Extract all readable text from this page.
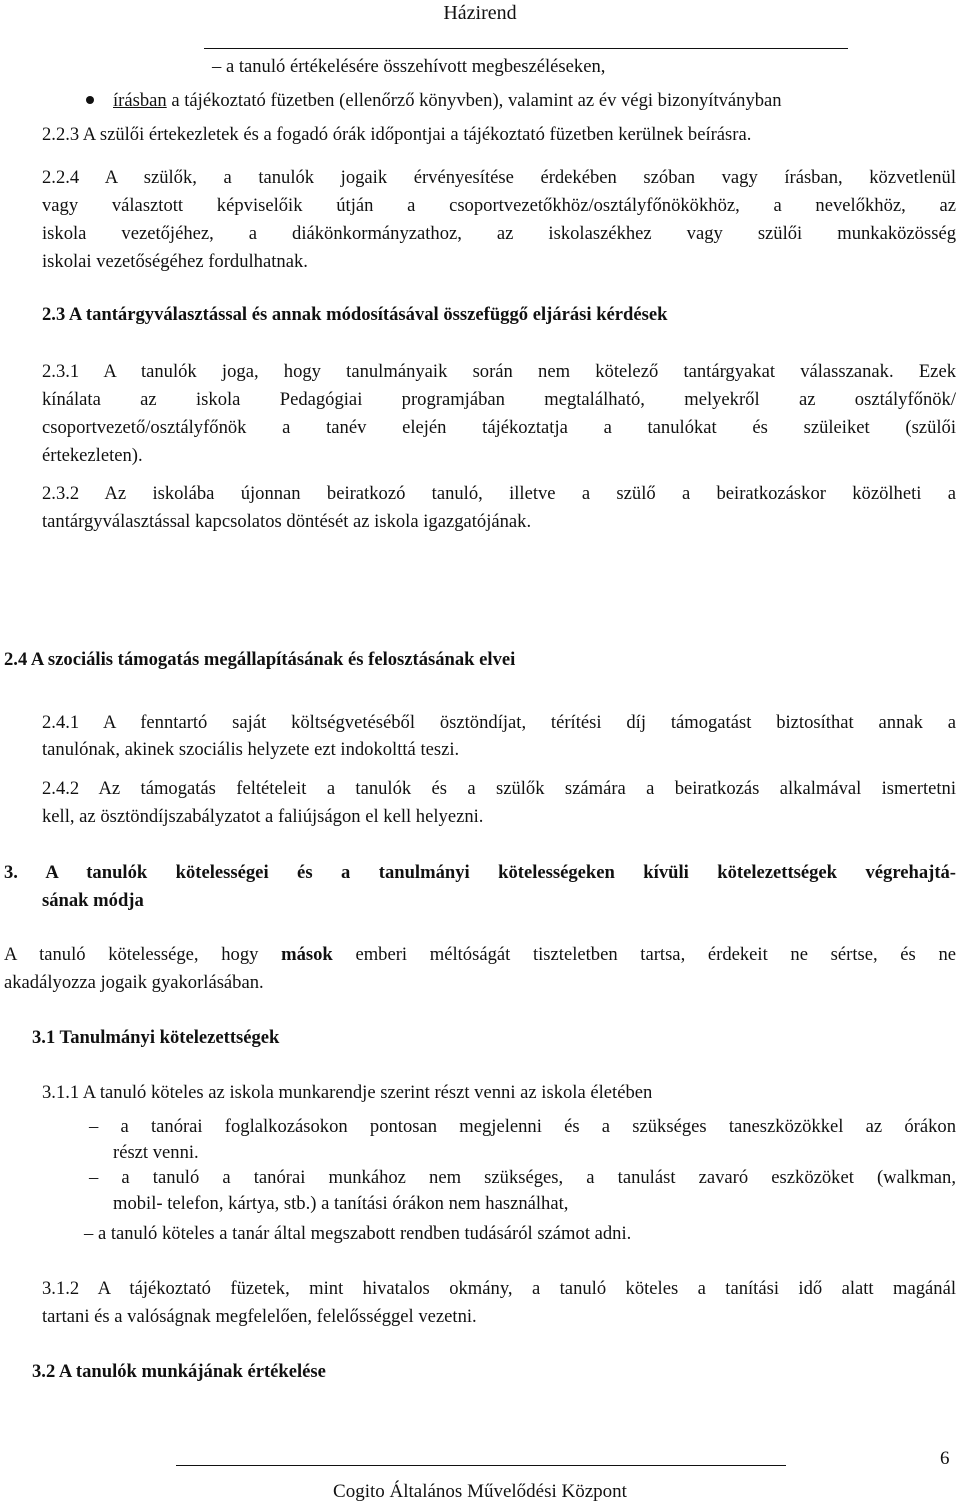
Házirend
– a tanuló értékelésére összehívott megbeszéléseken,
írásban a tájékoztató füzetben (ellenőrző könyvben), valamint az év végi bizonyítványban
2.2.3 A szülői értekezletek és a fogadó órák időpontjai a tájékoztató füzetben kerülnek beírásra.
2.2.4 A szülők, a tanulók jogaik érvényesítése érdekében szóban vagy írásban, közvetlenül
vagy választott képviselőik útján a csoportvezetőkhöz/osztályfőnökökhöz, a nevelőkhöz, az
iskola vezetőjéhez, a diákönkormányzathoz, az iskolaszékhez vagy szülői munkaközösség
iskolai vezetőségéhez fordulhatnak.
2.3 A tantárgyválasztással és annak módosításával összefüggő eljárási kérdések
2.3.1 A tanulók joga, hogy tanulmányaik során nem kötelező tantárgyakat válasszanak. Ezek
kínálata az iskola Pedagógiai programjában megtalálható, melyekről az osztályfőnök/
csoportvezető/osztályfőnök a tanév elején tájékoztatja a tanulókat és szüleiket (szülői
értekezleten).
2.3.2 Az iskolába újonnan beiratkozó tanuló, illetve a szülő a beiratkozáskor közölheti a
tantárgyválasztással kapcsolatos döntését az iskola igazgatójának.
2.4 A szociális támogatás megállapításának és felosztásának elvei
2.4.1 A fenntartó saját költségvetéséből ösztöndíjat, térítési díj támogatást biztosíthat annak a
tanulónak, akinek szociális helyzete ezt indokolttá teszi.
2.4.2 Az támogatás feltételeit a tanulók és a szülők számára a beiratkozás alkalmával ismertetni
kell, az ösztöndíjszabályzatot a faliújságon el kell helyezni.
3. A tanulók kötelességei és a tanulmányi kötelességeken kívüli kötelezettségek végrehajtá-
sának módja
A tanuló kötelessége, hogy mások emberi méltóságát tiszteletben tartsa, érdekeit ne sértse, és ne
akadályozza jogaik gyakorlásában.
3.1 Tanulmányi kötelezettségek
3.1.1 A tanuló köteles az iskola munkarendje szerint részt venni az iskola életében
– a tanórai foglalkozásokon pontosan megjelenni és a szükséges taneszközökkel az órákon
részt venni.
– a tanuló a tanórai munkához nem szükséges, a tanulást zavaró eszközöket (walkman,
mobil- telefon, kártya, stb.) a tanítási órákon nem használhat,
– a tanuló köteles a tanár által megszabott rendben tudásáról számot adni.
3.1.2 A tájékoztató füzetek, mint hivatalos okmány, a tanuló köteles a tanítási idő alatt magánál
tartani és a valóságnak megfelelően, felelősséggel vezetni.
3.2 A tanulók munkájának értékelése
6
Cogito Általános Művelődési Központ
